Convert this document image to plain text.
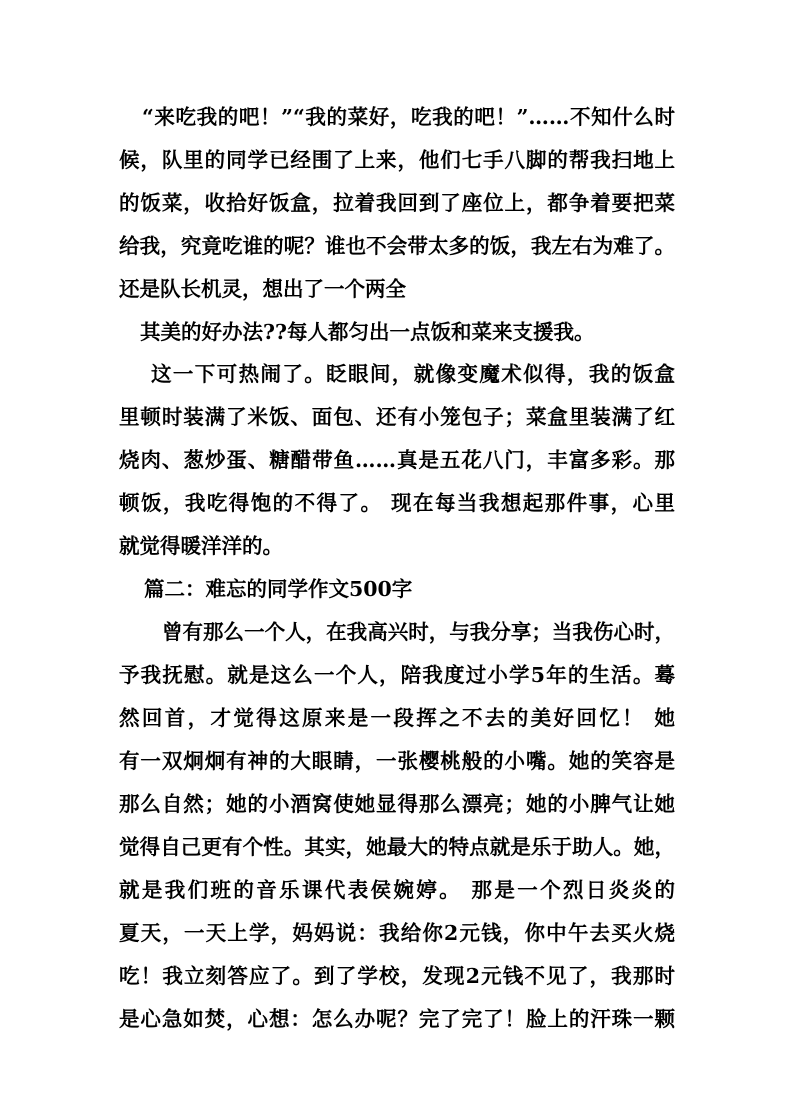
“来吃我的吧！”“我的菜好，吃我的吧！”……不知什么时
候，队里的同学已经围了上来，他们七手八脚的帮我扫地上
的饭菜，收拾好饭盒，拉着我回到了座位上，都争着要把菜
给我，究竟吃谁的呢？谁也不会带太多的饭，我左右为难了。
还是队长机灵，想出了一个两全
其美的好办法??每人都匀出一点饭和菜来支援我。
这一下可热闹了。眨眼间，就像变魔术似得，我的饭盒
里顿时装满了米饭、面包、还有小笼包子；菜盒里装满了红
烧肉、葱炒蛋、糖醋带鱼……真是五花八门，丰富多彩。那
顿饭，我吃得饱的不得了。 现在每当我想起那件事，心里
就觉得暖洋洋的。
篇二：难忘的同学作文500字
曾有那么一个人，在我高兴时，与我分享；当我伤心时，
予我抚慰。就是这么一个人，陪我度过小学5年的生活。蓦
然回首，才觉得这原来是一段挥之不去的美好回忆！ 她
有一双炯炯有神的大眼睛，一张樱桃般的小嘴。她的笑容是
那么自然；她的小酒窝使她显得那么漂亮；她的小脾气让她
觉得自己更有个性。其实，她最大的特点就是乐于助人。她，
就是我们班的音乐课代表侯婉婷。 那是一个烈日炎炎的
夏天，一天上学，妈妈说：我给你2元钱，你中午去买火烧
吃！我立刻答应了。到了学校，发现2元钱不见了，我那时
是心急如焚，心想：怎么办呢？完了完了！脸上的汗珠一颗
